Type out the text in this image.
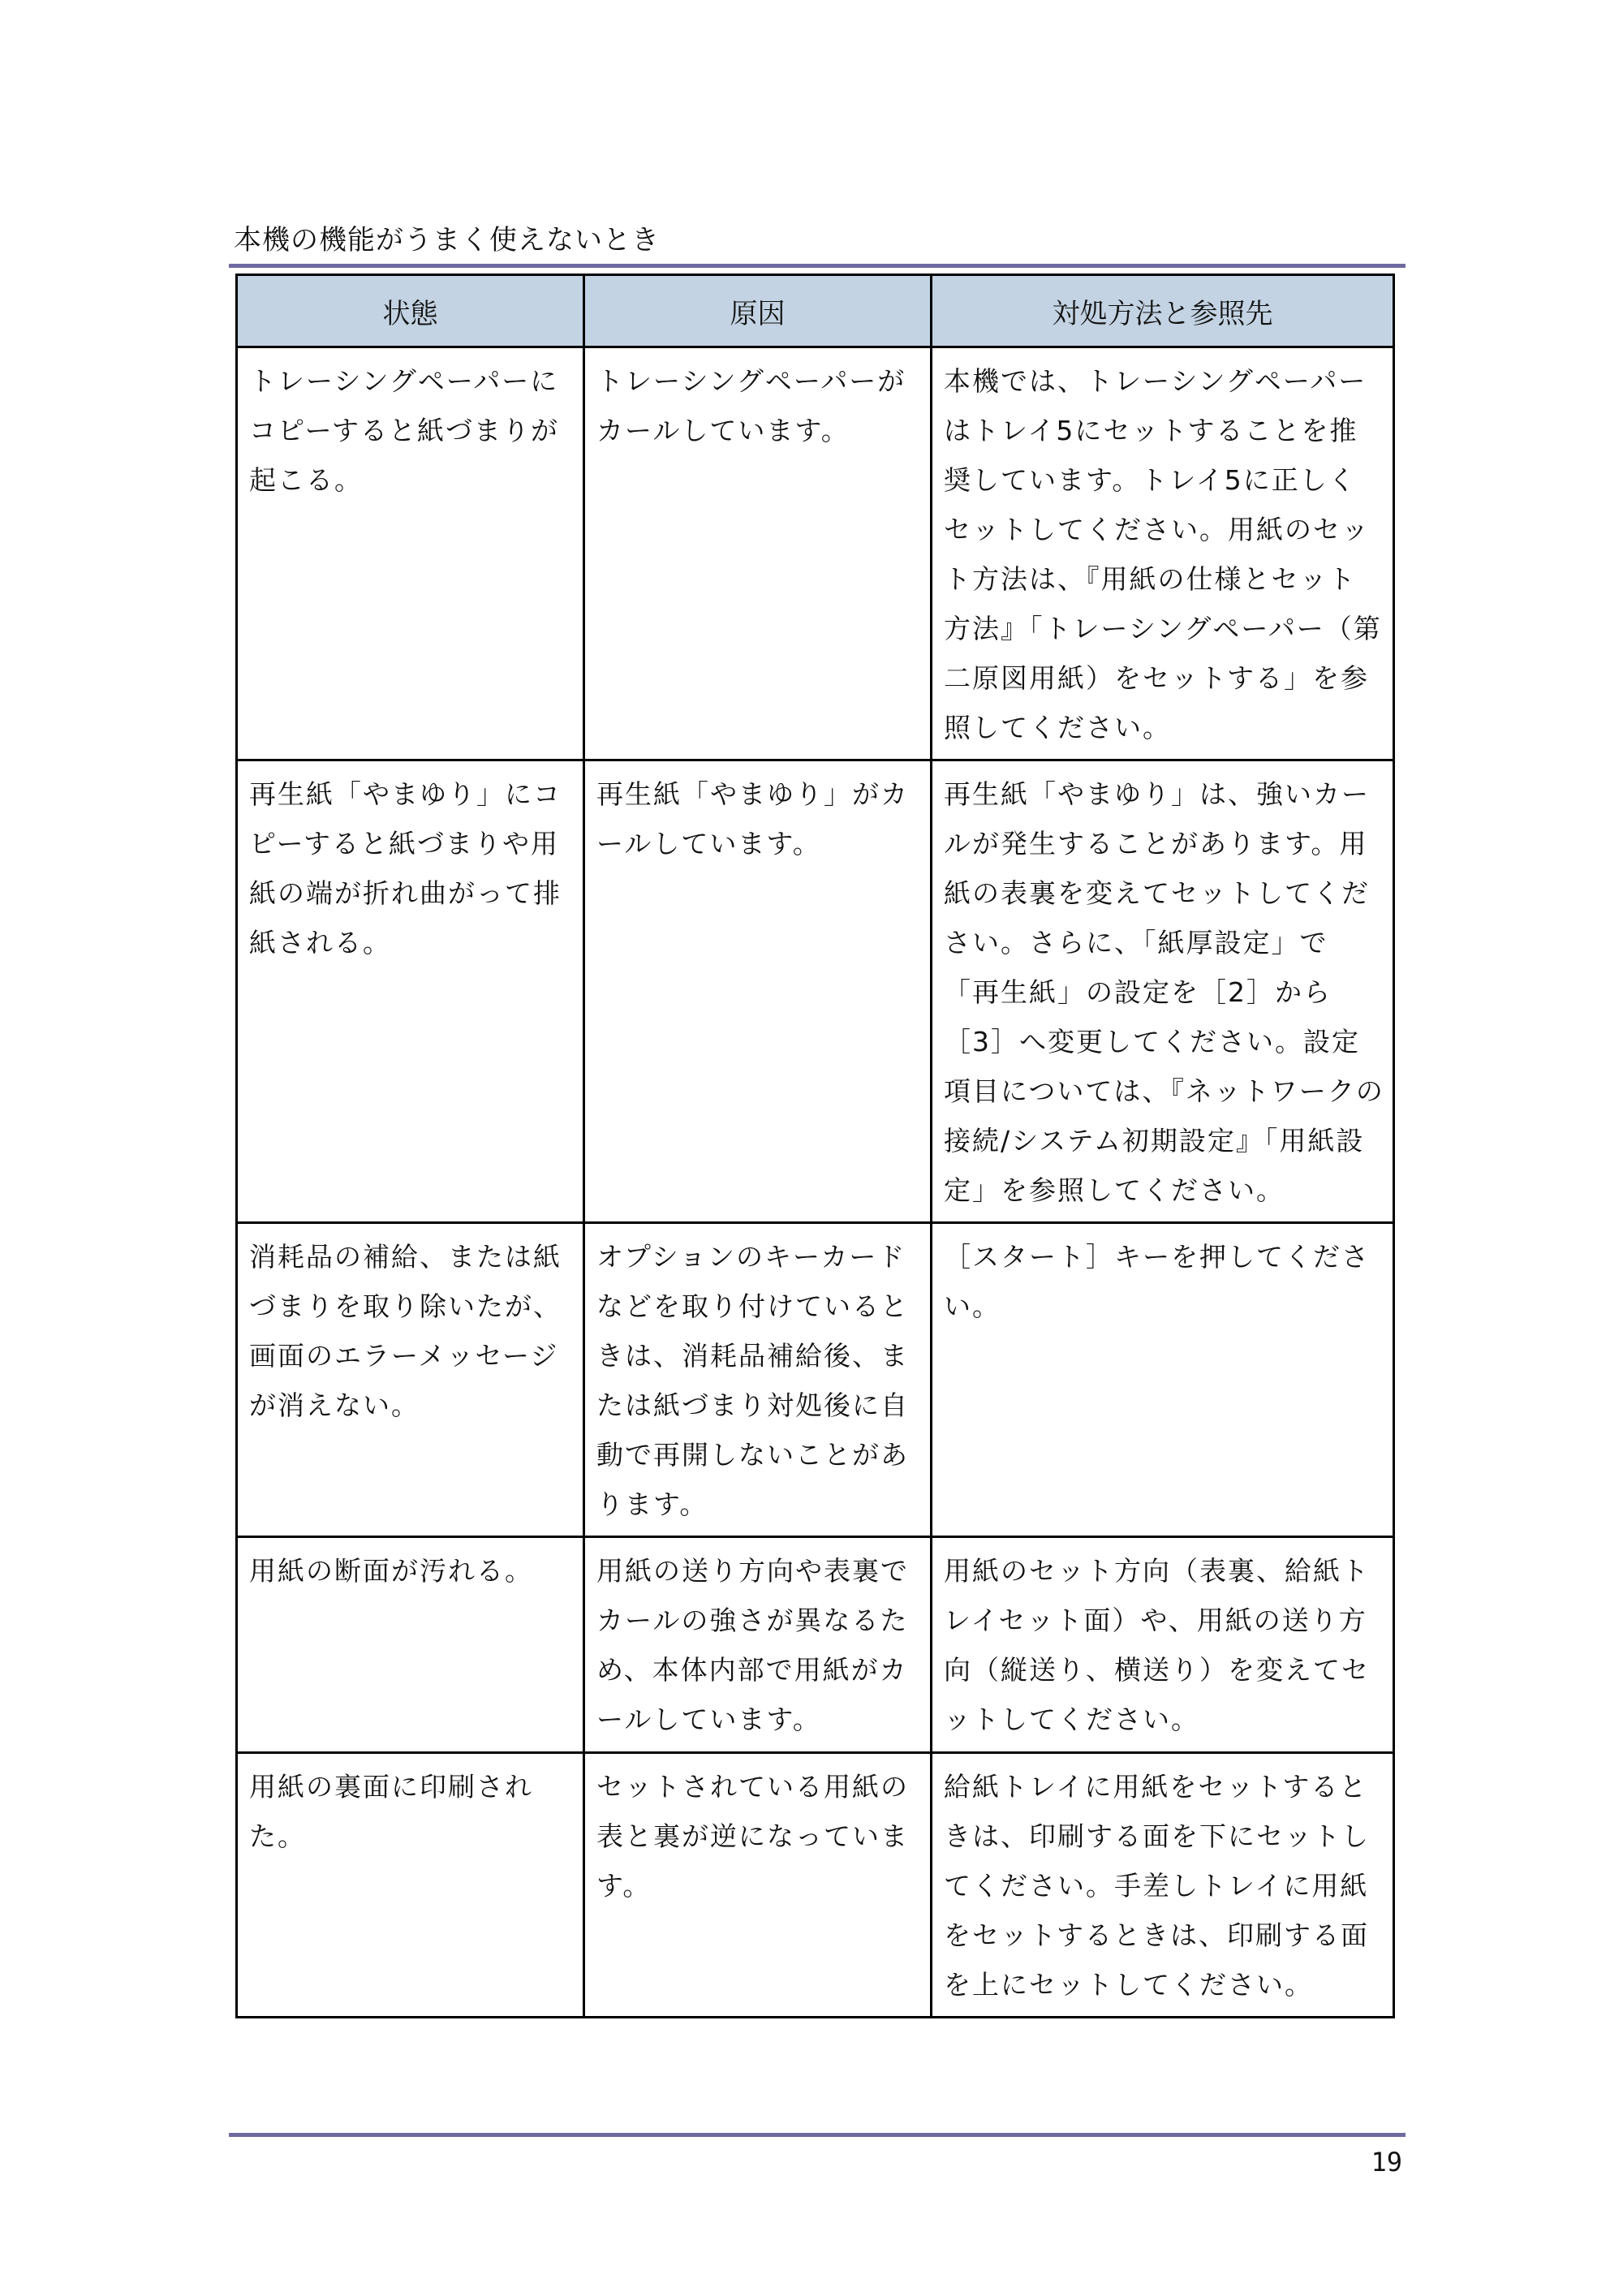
本機の機能がうまく使えないとき
状態	原因	対処方法と参照先
トレーシングペーパーにコピーすると紙づまりが起こる。	トレーシングペーパーがカールしています。	本機では、トレーシングペーパーはトレイ5にセットすることを推奨しています。トレイ5に正しくセットしてください。用紙のセット方法は、『用紙の仕様とセット方法』「トレーシングペーパー（第二原図用紙）をセットする」を参照してください。
再生紙「やまゆり」にコピーすると紙づまりや用紙の端が折れ曲がって排紙される。	再生紙「やまゆり」がカールしています。	再生紙「やまゆり」は、強いカールが発生することがあります。用紙の表裏を変えてセットしてください。さらに、「紙厚設定」で「再生紙」の設定を［2］から［3］へ変更してください。設定項目については、『ネットワークの接続/システム初期設定』「用紙設定」を参照してください。
消耗品の補給、または紙づまりを取り除いたが、画面のエラーメッセージが消えない。	オプションのキーカードなどを取り付けているときは、消耗品補給後、または紙づまり対処後に自動で再開しないことがあります。	［スタート］キーを押してください。
用紙の断面が汚れる。	用紙の送り方向や表裏でカールの強さが異なるため、本体内部で用紙がカールしています。	用紙のセット方向（表裏、給紙トレイセット面）や、用紙の送り方向（縦送り、横送り）を変えてセットしてください。
用紙の裏面に印刷された。	セットされている用紙の表と裏が逆になっています。	給紙トレイに用紙をセットするときは、印刷する面を下にセットしてください。手差しトレイに用紙をセットするときは、印刷する面を上にセットしてください。
19
